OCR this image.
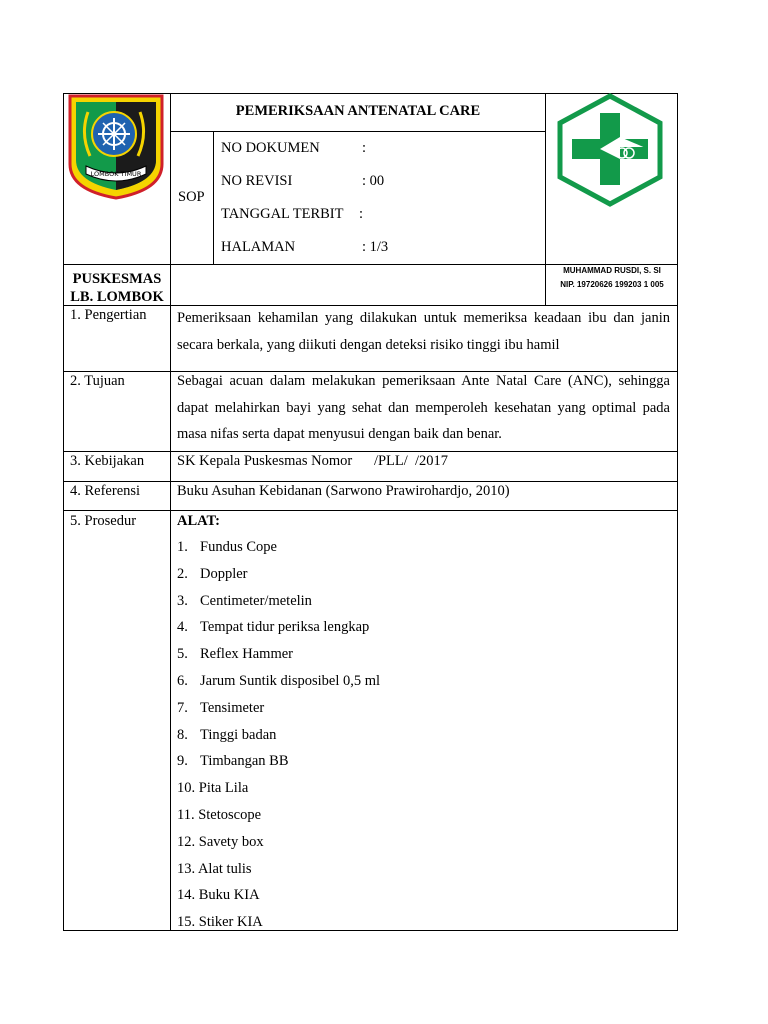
LOMBOK TIMUR
PEMERIKSAAN ANTENATAL CARE
SOP
NO DOKUMEN	:
NO REVISI	: 00
TANGGAL TERBIT :
HALAMAN	: 1/3
PUSKESMAS
LB. LOMBOK
MUHAMMAD RUSDI, S. SI
NIP. 19720626 199203 1 005
1. Pengertian Pemeriksaan kehamilan yang dilakukan untuk memeriksa keadaan ibu dan janin secara berkala, yang diikuti dengan deteksi risiko tinggi ibu hamil
2. Tujuan	Sebagai acuan dalam melakukan pemeriksaan Ante Natal Care (ANC), sehingga dapat melahirkan bayi yang sehat dan memperoleh kesehatan yang optimal pada masa nifas serta dapat menyusui dengan baik dan benar.
3. Kebijakan SK Kepala Puskesmas Nomor      /PLL/  /2017
4. Referensi	Buku Asuhan Kebidanan (Sarwono Prawirohardjo, 2010)
5. Prosedur	ALAT:
1. Fundus Cope
2. Doppler
3. Centimeter/metelin
4. Tempat tidur periksa lengkap
5. Reflex Hammer
6. Jarum Suntik disposibel 0,5 ml
7. Tensimeter
8. Tinggi badan
9. Timbangan BB
10. Pita Lila
11. Stetoscope
12. Savety box
13. Alat tulis
14. Buku KIA
15. Stiker KIA
